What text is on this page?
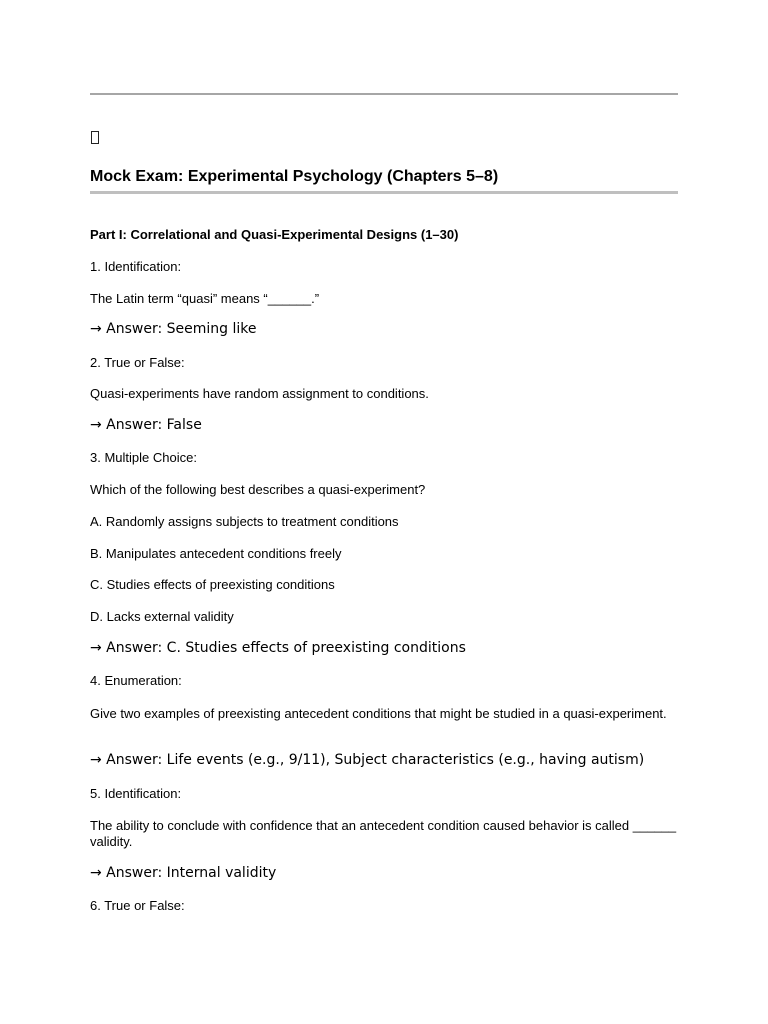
Mock Exam: Experimental Psychology (Chapters 5–8)

Part I: Correlational and Quasi-Experimental Designs (1–30)

1. Identification:

The Latin term “quasi” means “______.”

→ Answer: Seeming like

2. True or False:

Quasi-experiments have random assignment to conditions.

→ Answer: False

3. Multiple Choice:

Which of the following best describes a quasi-experiment?

A. Randomly assigns subjects to treatment conditions

B. Manipulates antecedent conditions freely

C. Studies effects of preexisting conditions

D. Lacks external validity

→ Answer: C. Studies effects of preexisting conditions

4. Enumeration:

Give two examples of preexisting antecedent conditions that might be studied in a quasi-experiment.

→ Answer: Life events (e.g., 9/11), Subject characteristics (e.g., having autism)

5. Identification:

The ability to conclude with confidence that an antecedent condition caused behavior is called ______ validity.

→ Answer: Internal validity

6. True or False:
